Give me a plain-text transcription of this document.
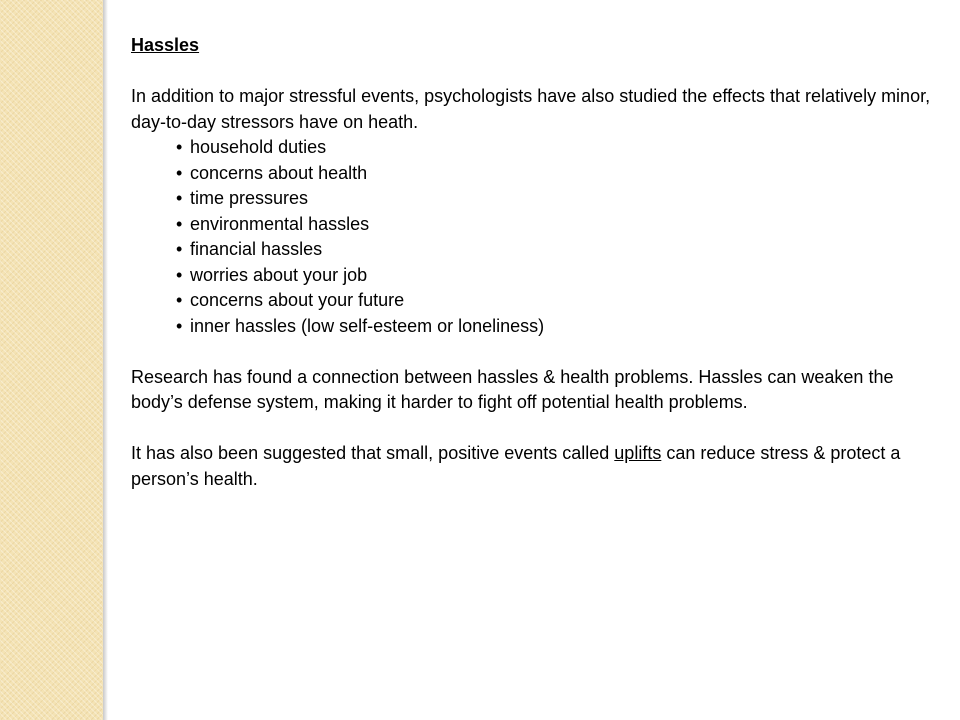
Hassles

In addition to major stressful events, psychologists have also studied the effects that relatively minor, day-to-day stressors have on heath.

• household duties
• concerns about health
• time pressures
• environmental hassles
• financial hassles
• worries about your job
• concerns about your future
• inner hassles (low self-esteem or loneliness)

Research has found a connection between hassles & health problems. Hassles can weaken the body’s defense system, making it harder to fight off potential health problems.

It has also been suggested that small, positive events called uplifts can reduce stress & protect a person’s health.
